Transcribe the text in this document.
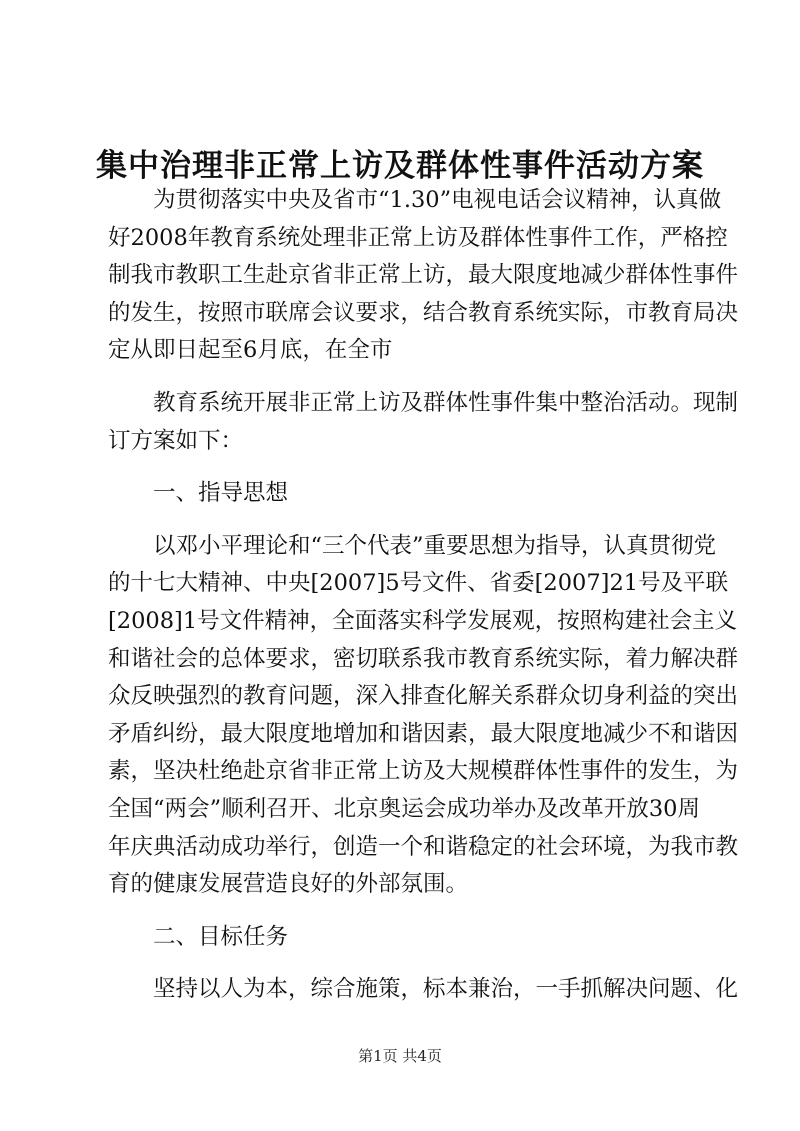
集中治理非正常上访及群体性事件活动方案
为贯彻落实中央及省市“1.30”电视电话会议精神，认真做
好2008年教育系统处理非正常上访及群体性事件工作，严格控
制我市教职工生赴京省非正常上访，最大限度地减少群体性事件
的发生，按照市联席会议要求，结合教育系统实际，市教育局决
定从即日起至6月底，在全市
教育系统开展非正常上访及群体性事件集中整治活动。现制
订方案如下：
一、指导思想
以邓小平理论和“三个代表”重要思想为指导，认真贯彻党
的十七大精神、中央[2007]5号文件、省委[2007]21号及平联
[2008]1号文件精神，全面落实科学发展观，按照构建社会主义
和谐社会的总体要求，密切联系我市教育系统实际，着力解决群
众反映强烈的教育问题，深入排查化解关系群众切身利益的突出
矛盾纠纷，最大限度地增加和谐因素，最大限度地减少不和谐因
素，坚决杜绝赴京省非正常上访及大规模群体性事件的发生，为
全国“两会”顺利召开、北京奥运会成功举办及改革开放30周
年庆典活动成功举行，创造一个和谐稳定的社会环境，为我市教
育的健康发展营造良好的外部氛围。
二、目标任务
坚持以人为本，综合施策，标本兼治，一手抓解决问题、化
第1页 共4页
